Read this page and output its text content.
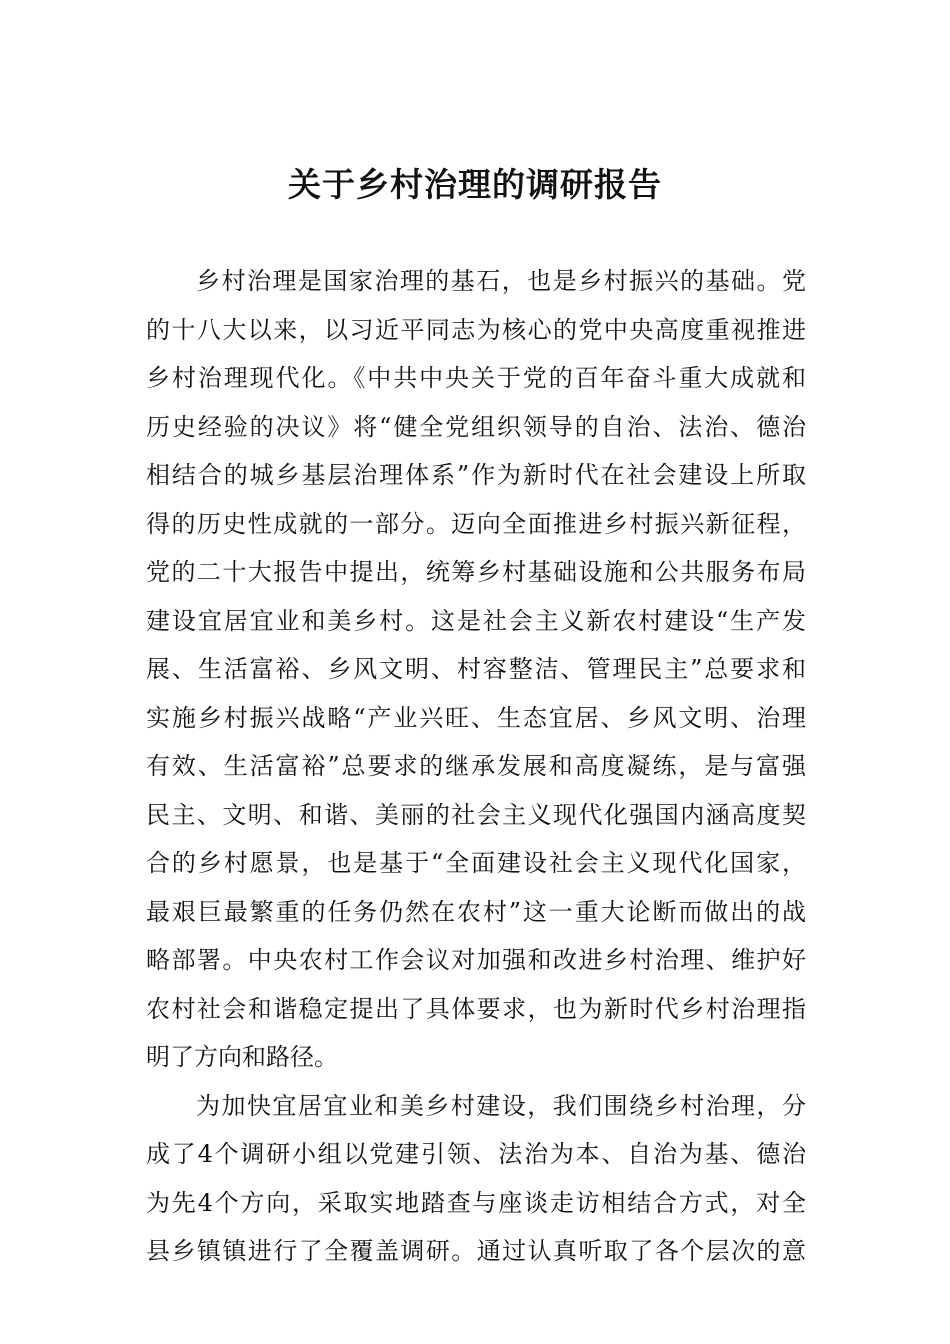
关于乡村治理的调研报告
乡村治理是国家治理的基石，也是乡村振兴的基础。党
的十八大以来，以习近平同志为核心的党中央高度重视推进
乡村治理现代化。《中共中央关于党的百年奋斗重大成就和
历史经验的决议》将“健全党组织领导的自治、法治、德治
相结合的城乡基层治理体系”作为新时代在社会建设上所取
得的历史性成就的一部分。迈向全面推进乡村振兴新征程，
党的二十大报告中提出，统筹乡村基础设施和公共服务布局
建设宜居宜业和美乡村。这是社会主义新农村建设“生产发
展、生活富裕、乡风文明、村容整洁、管理民主”总要求和
实施乡村振兴战略“产业兴旺、生态宜居、乡风文明、治理
有效、生活富裕”总要求的继承发展和高度凝练，是与富强
民主、文明、和谐、美丽的社会主义现代化强国内涵高度契
合的乡村愿景，也是基于“全面建设社会主义现代化国家，
最艰巨最繁重的任务仍然在农村”这一重大论断而做出的战
略部署。中央农村工作会议对加强和改进乡村治理、维护好
农村社会和谐稳定提出了具体要求，也为新时代乡村治理指
明了方向和路径。
为加快宜居宜业和美乡村建设，我们围绕乡村治理，分
成了4个调研小组以党建引领、法治为本、自治为基、德治
为先4个方向，采取实地踏查与座谈走访相结合方式，对全
县乡镇镇进行了全覆盖调研。通过认真听取了各个层次的意
